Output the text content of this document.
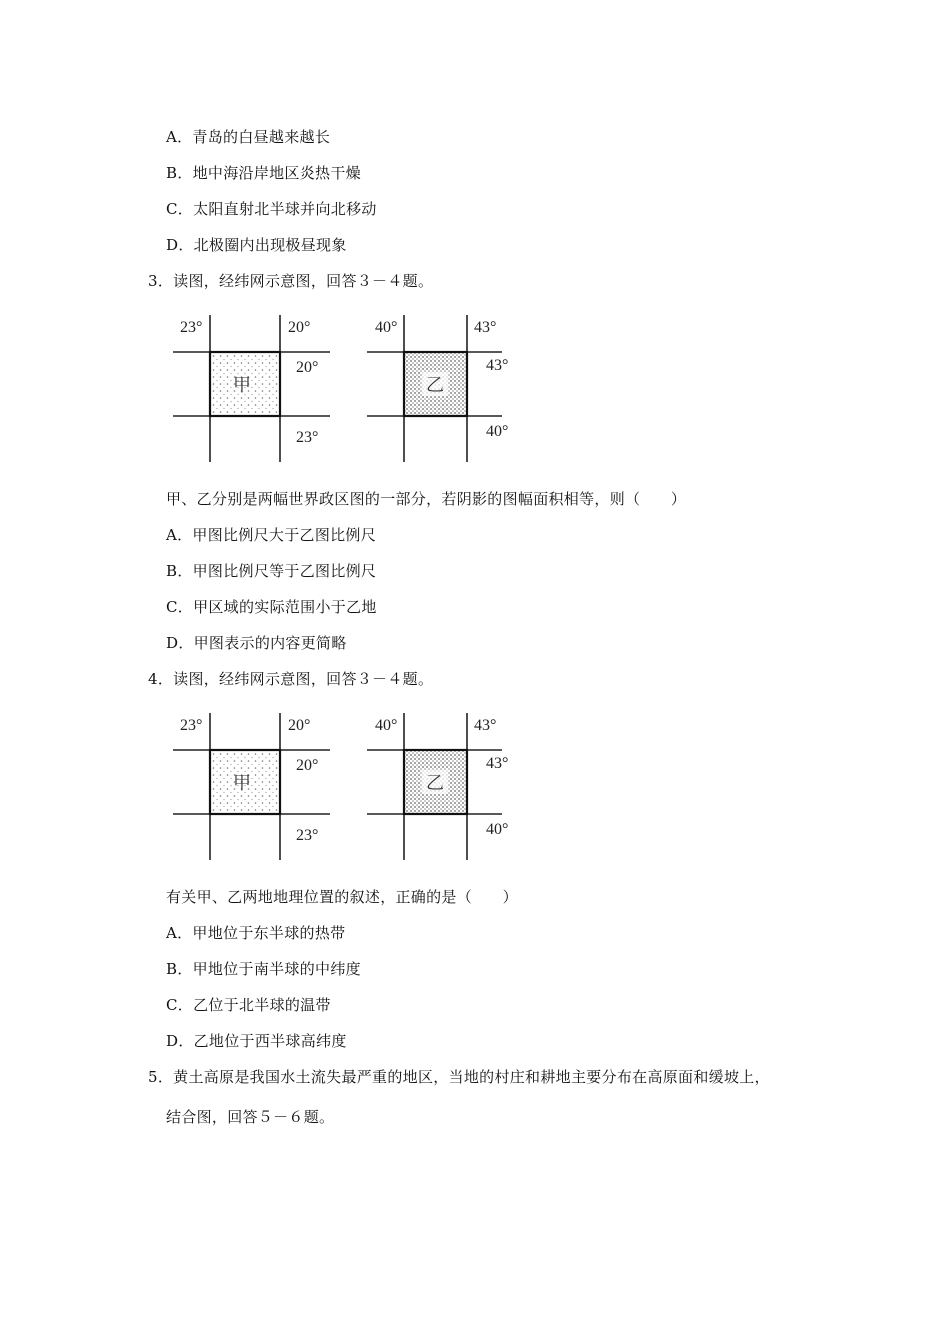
A．青岛的白昼越来越长
B．地中海沿岸地区炎热干燥
C．太阳直射北半球并向北移动
D．北极圈内出现极昼现象
3．读图，经纬网示意图，回答３－４题。
甲
23°	20°
20°
23°
乙
40°	43°
43°
40°
甲、乙分别是两幅世界政区图的一部分，若阴影的图幅面积相等，则（　　）
A．甲图比例尺大于乙图比例尺
B．甲图比例尺等于乙图比例尺
C．甲区域的实际范围小于乙地
D．甲图表示的内容更简略
4．读图，经纬网示意图，回答３－４题。
甲
23°	20°
20°
23°
乙
40°	43°
43°
40°
有关甲、乙两地地理位置的叙述，正确的是（　　）
A．甲地位于东半球的热带
B．甲地位于南半球的中纬度
C．乙位于北半球的温带
D．乙地位于西半球高纬度
5．黄土高原是我国水土流失最严重的地区，当地的村庄和耕地主要分布在高原面和缓坡上，
结合图，回答５－６题。
